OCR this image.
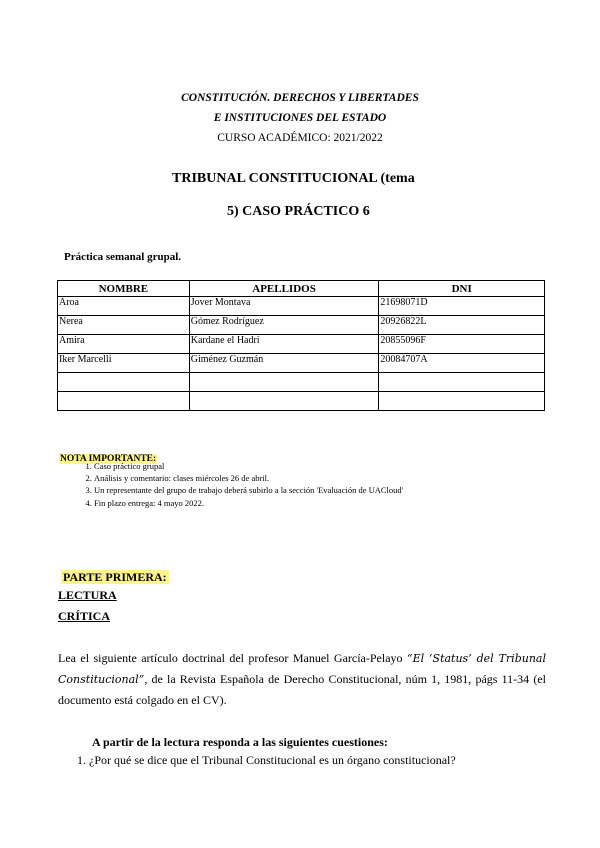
CONSTITUCIÓN. DERECHOS Y LIBERTADES
E INSTITUCIONES DEL ESTADO
CURSO ACADÉMICO: 2021/2022
TRIBUNAL CONSTITUCIONAL (tema
5) CASO PRÁCTICO 6
Práctica semanal grupal.
NOMBRE	APELLIDOS	DNI
Aroa	Jover Montava	21698071D
Nerea	Gómez Rodríguez	20926822L
Amira	Kardane el Hadri	20855096F
Iker Marcelli	Giménez Guzmán	20084707A

NOTA IMPORTANTE:
1. Caso práctico grupal
2. Análisis y comentario: clases miércoles 26 de abril.
3. Un representante del grupo de trabajo deberá subirlo a la sección 'Evaluación de UACloud'
4. Fin plazo entrega: 4 mayo 2022.
PARTE PRIMERA:
LECTURA
CRÍTICA
Lea el siguiente artículo doctrinal del profesor Manuel García-Pelayo “El ‘Status’ del Tribunal Constitucional”, de la Revista Española de Derecho Constitucional, núm 1, 1981, págs 11-34 (el documento está colgado en el CV).
A partir de la lectura responda a las siguientes cuestiones:
1. ¿Por qué se dice que el Tribunal Constitucional es un órgano constitucional?
